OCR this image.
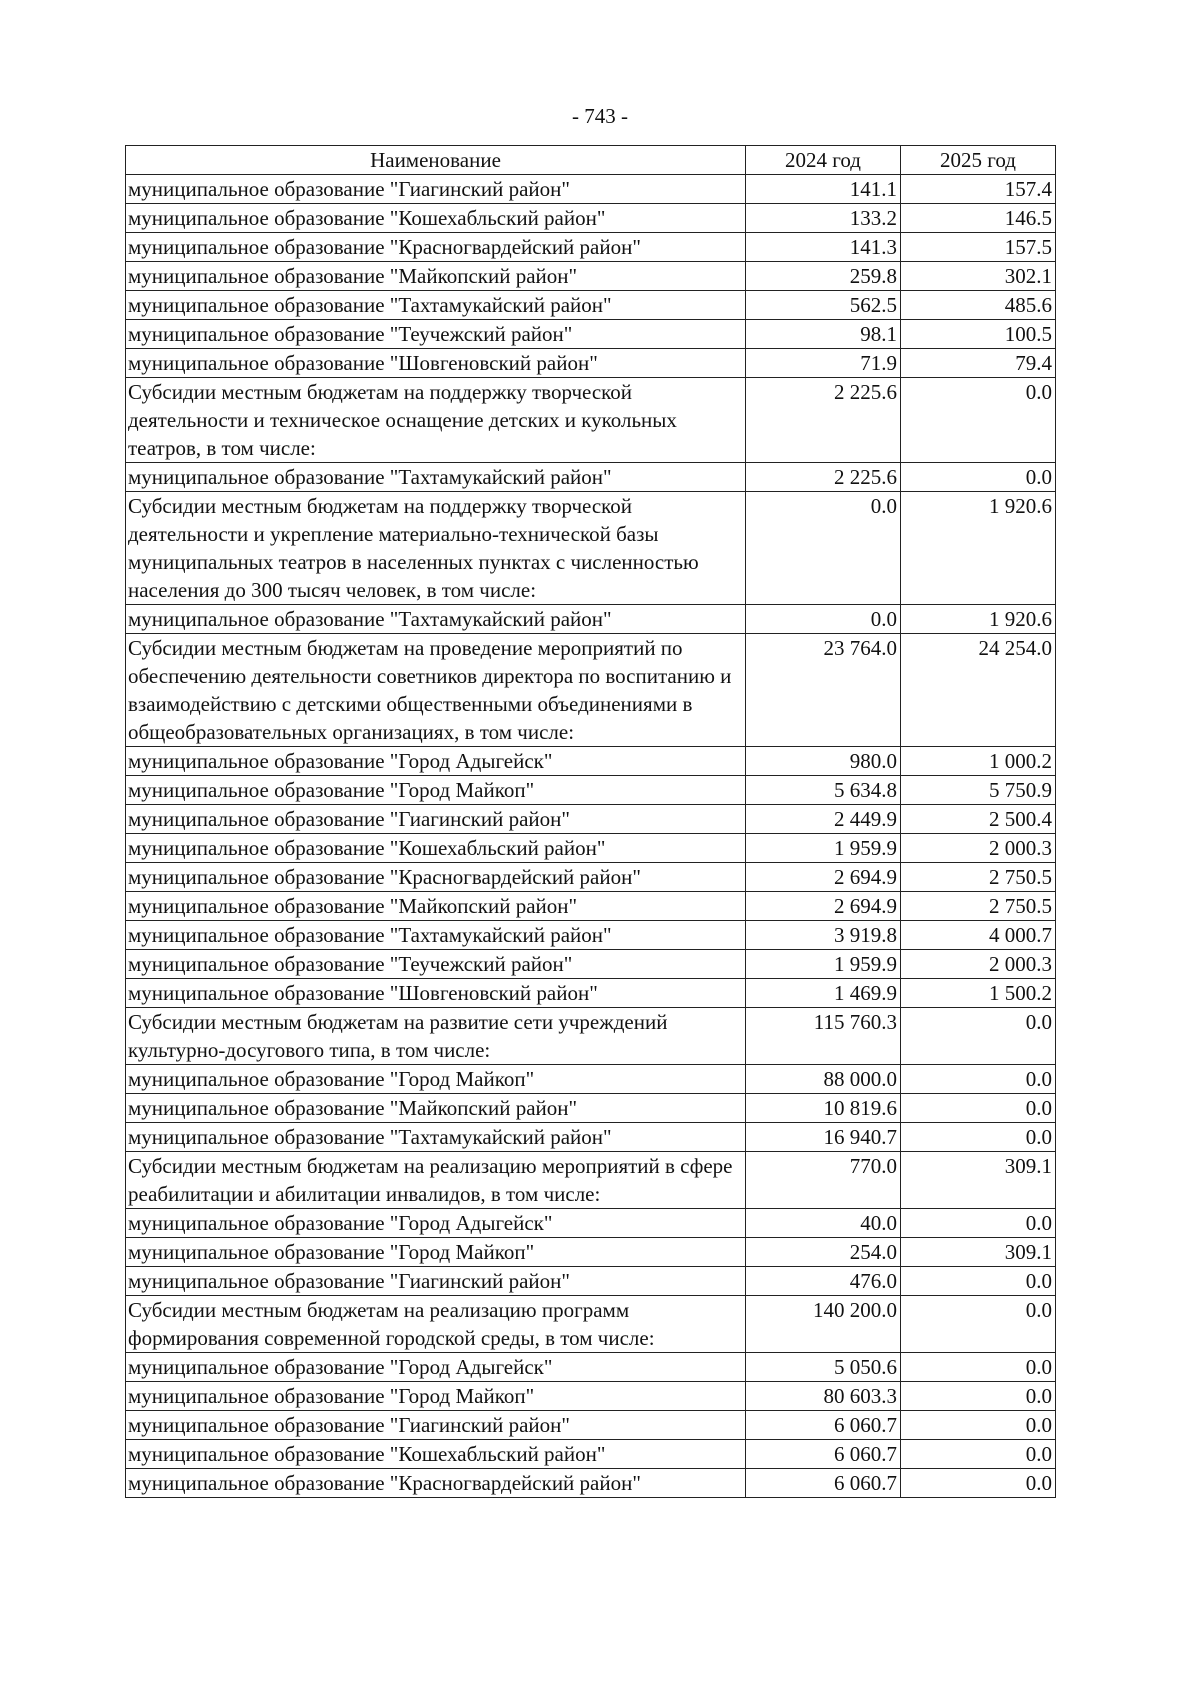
- 743 -
Наименование	2024 год	2025 год
муниципальное образование "Гиагинский район"	141.1	157.4
муниципальное образование "Кошехабльский район"	133.2	146.5
муниципальное образование "Красногвардейский район"	141.3	157.5
муниципальное образование "Майкопский район"	259.8	302.1
муниципальное образование "Тахтамукайский район"	562.5	485.6
муниципальное образование "Теучежский район"	98.1	100.5
муниципальное образование "Шовгеновский район"	71.9	79.4
Субсидии местным бюджетам на поддержку творческой деятельности и техническое оснащение детских и кукольных театров, в том числе:	2 225.6	0.0
муниципальное образование "Тахтамукайский район"	2 225.6	0.0
Субсидии местным бюджетам на поддержку творческой деятельности и укрепление материально-технической базы муниципальных театров в населенных пунктах с численностью населения до 300 тысяч человек, в том числе:	0.0	1 920.6
муниципальное образование "Тахтамукайский район"	0.0	1 920.6
Субсидии местным бюджетам на проведение мероприятий по обеспечению деятельности советников директора по воспитанию и взаимодействию с детскими общественными объединениями в общеобразовательных организациях, в том числе:	23 764.0	24 254.0
муниципальное образование "Город Адыгейск"	980.0	1 000.2
муниципальное образование "Город Майкоп"	5 634.8	5 750.9
муниципальное образование "Гиагинский район"	2 449.9	2 500.4
муниципальное образование "Кошехабльский район"	1 959.9	2 000.3
муниципальное образование "Красногвардейский район"	2 694.9	2 750.5
муниципальное образование "Майкопский район"	2 694.9	2 750.5
муниципальное образование "Тахтамукайский район"	3 919.8	4 000.7
муниципальное образование "Теучежский район"	1 959.9	2 000.3
муниципальное образование "Шовгеновский район"	1 469.9	1 500.2
Субсидии местным бюджетам на развитие сети учреждений культурно-досугового типа, в том числе:	115 760.3	0.0
муниципальное образование "Город Майкоп"	88 000.0	0.0
муниципальное образование "Майкопский район"	10 819.6	0.0
муниципальное образование "Тахтамукайский район"	16 940.7	0.0
Субсидии местным бюджетам на реализацию мероприятий в сфере реабилитации и абилитации инвалидов, в том числе:	770.0	309.1
муниципальное образование "Город Адыгейск"	40.0	0.0
муниципальное образование "Город Майкоп"	254.0	309.1
муниципальное образование "Гиагинский район"	476.0	0.0
Субсидии местным бюджетам на реализацию программ формирования современной городской среды, в том числе:	140 200.0	0.0
муниципальное образование "Город Адыгейск"	5 050.6	0.0
муниципальное образование "Город Майкоп"	80 603.3	0.0
муниципальное образование "Гиагинский район"	6 060.7	0.0
муниципальное образование "Кошехабльский район"	6 060.7	0.0
муниципальное образование "Красногвардейский район"	6 060.7	0.0
